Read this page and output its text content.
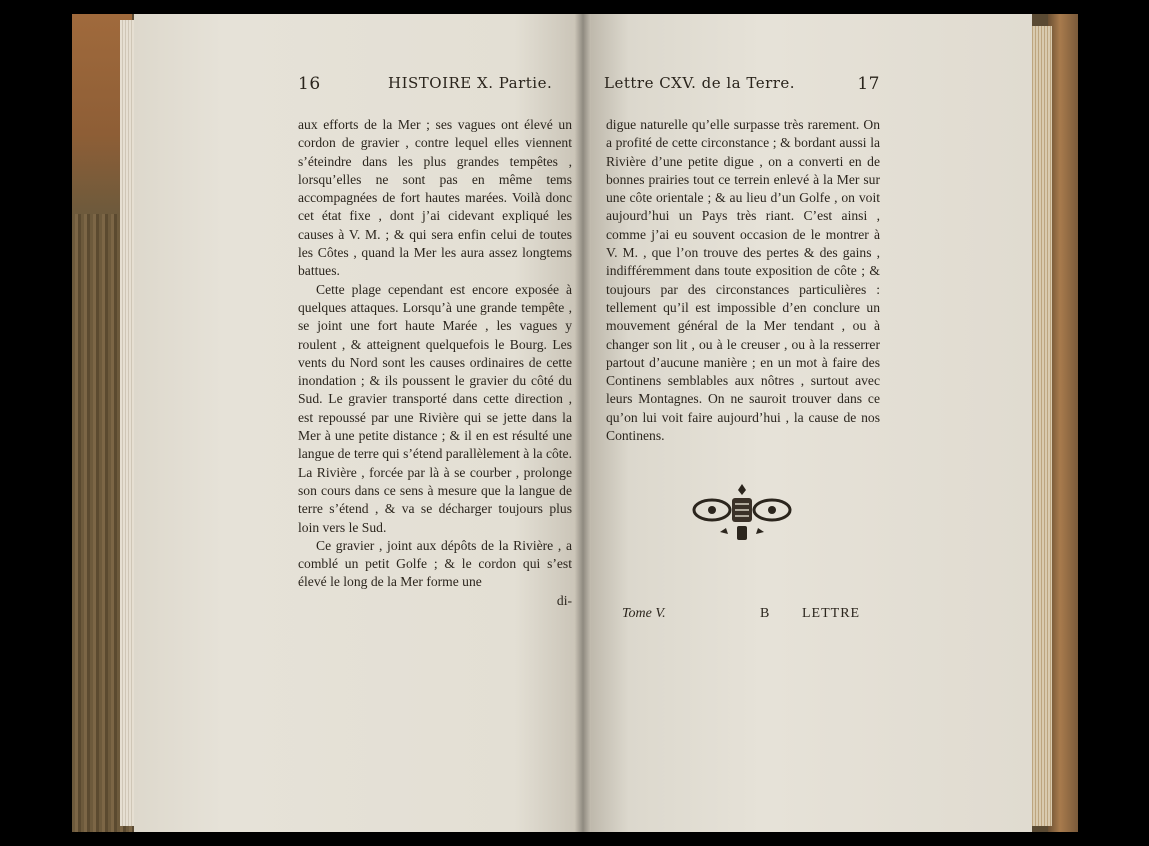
16	HISTOIRE X. Partie.

aux efforts de la Mer ; ses vagues ont élevé un cordon de gravier , contre lequel elles viennent s’éteindre dans les plus grandes tempêtes , lorsqu’elles ne sont pas en même tems accompagnées de fort hautes marées. Voilà donc cet état fixe , dont j’ai cidevant expliqué les causes à V. M. ; & qui sera enfin celui de toutes les Côtes , quand la Mer les aura assez longtems battues.

Cette plage cependant est encore exposée à quelques attaques. Lorsqu’à une grande tempête , se joint une fort haute Marée , les vagues y roulent , & atteignent quelquefois le Bourg. Les vents du Nord sont les causes ordinaires de cette inondation ; & ils poussent le gravier du côté du Sud. Le gravier transporté dans cette direction , est repoussé par une Rivière qui se jette dans la Mer à une petite distance ; & il en est résulté une langue de terre qui s’étend parallèlement à la côte. La Rivière , forcée par là à se courber , prolonge son cours dans ce sens à mesure que la langue de terre s’étend , & va se décharger toujours plus loin vers le Sud.

Ce gravier , joint aux dépôts de la Rivière , a comblé un petit Golfe ; & le cordon qui s’est élevé le long de la Mer forme une

di-

Lettre CXV. de la Terre.	17

digue naturelle qu’elle surpasse très rarement. On a profité de cette circonstance ; & bordant aussi la Rivière d’une petite digue , on a converti en de bonnes prairies tout ce terrein enlevé à la Mer sur une côte orientale ; & au lieu d’un Golfe , on voit aujourd’hui un Pays très riant. C’est ainsi , comme j’ai eu souvent occasion de le montrer à V. M. , que l’on trouve des pertes & des gains , indifféremment dans toute exposition de côte ; & toujours par des circonstances particulières : tellement qu’il est impossible d’en conclure un mouvement général de la Mer tendant , ou à changer son lit , ou à le creuser , ou à la resserrer partout d’aucune manière ; en un mot à faire des Continens semblables aux nôtres , surtout avec leurs Montagnes. On ne sauroit trouver dans ce qu’on lui voit faire aujourd’hui , la cause de nos Continens.

Tome V.	B LETTRE
